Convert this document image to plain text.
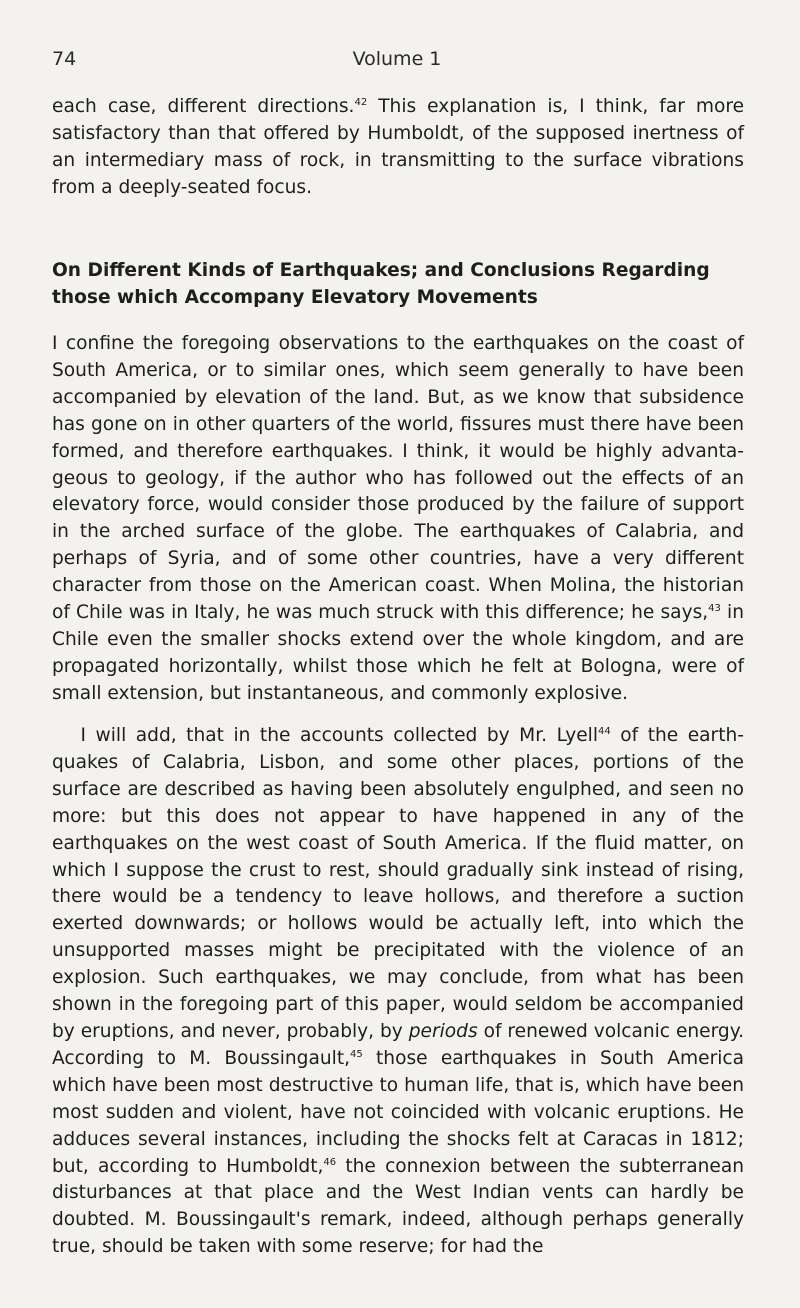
74	Volume 1

each case, different directions.$^{42}$ This explanation is, I think, far more satisfactory than that offered by Humboldt, of the supposed inertness of an intermediary mass of rock, in transmitting to the surface vibrations from a deeply-seated focus.

On Different Kinds of Earthquakes; and Conclusions Regarding those which Accompany Elevatory Movements

I confine the foregoing observations to the earthquakes on the coast of South America, or to similar ones, which seem generally to have been accompanied by elevation of the land. But, as we know that subsidence has gone on in other quarters of the world, fissures must there have been formed, and therefore earthquakes. I think, it would be highly advanta-geous to geology, if the author who has followed out the effects of an elevatory force, would consider those produced by the failure of support in the arched surface of the globe. The earthquakes of Calabria, and perhaps of Syria, and of some other countries, have a very different character from those on the American coast. When Molina, the historian of Chile was in Italy, he was much struck with this difference; he says,$^{43}$ in Chile even the smaller shocks extend over the whole kingdom, and are propagated horizontally, whilst those which he felt at Bologna, were of small extension, but instantaneous, and commonly explosive.

I will add, that in the accounts collected by Mr. Lyell$^{44}$ of the earth-quakes of Calabria, Lisbon, and some other places, portions of the surface are described as having been absolutely engulphed, and seen no more: but this does not appear to have happened in any of the earthquakes on the west coast of South America. If the fluid matter, on which I suppose the crust to rest, should gradually sink instead of rising, there would be a tendency to leave hollows, and therefore a suction exerted downwards; or hollows would be actually left, into which the unsupported masses might be precipitated with the violence of an explosion. Such earthquakes, we may conclude, from what has been shown in the foregoing part of this paper, would seldom be accompanied by eruptions, and never, probably, by periods of renewed volcanic energy. According to M. Boussingault,$^{45}$ those earthquakes in South America which have been most destructive to human life, that is, which have been most sudden and violent, have not coincided with volcanic eruptions. He adduces several instances, including the shocks felt at Caracas in 1812; but, according to Humboldt,$^{46}$ the connexion between the subterranean disturbances at that place and the West Indian vents can hardly be doubted. M. Boussingault's remark, indeed, although perhaps generally true, should be taken with some reserve; for had the
